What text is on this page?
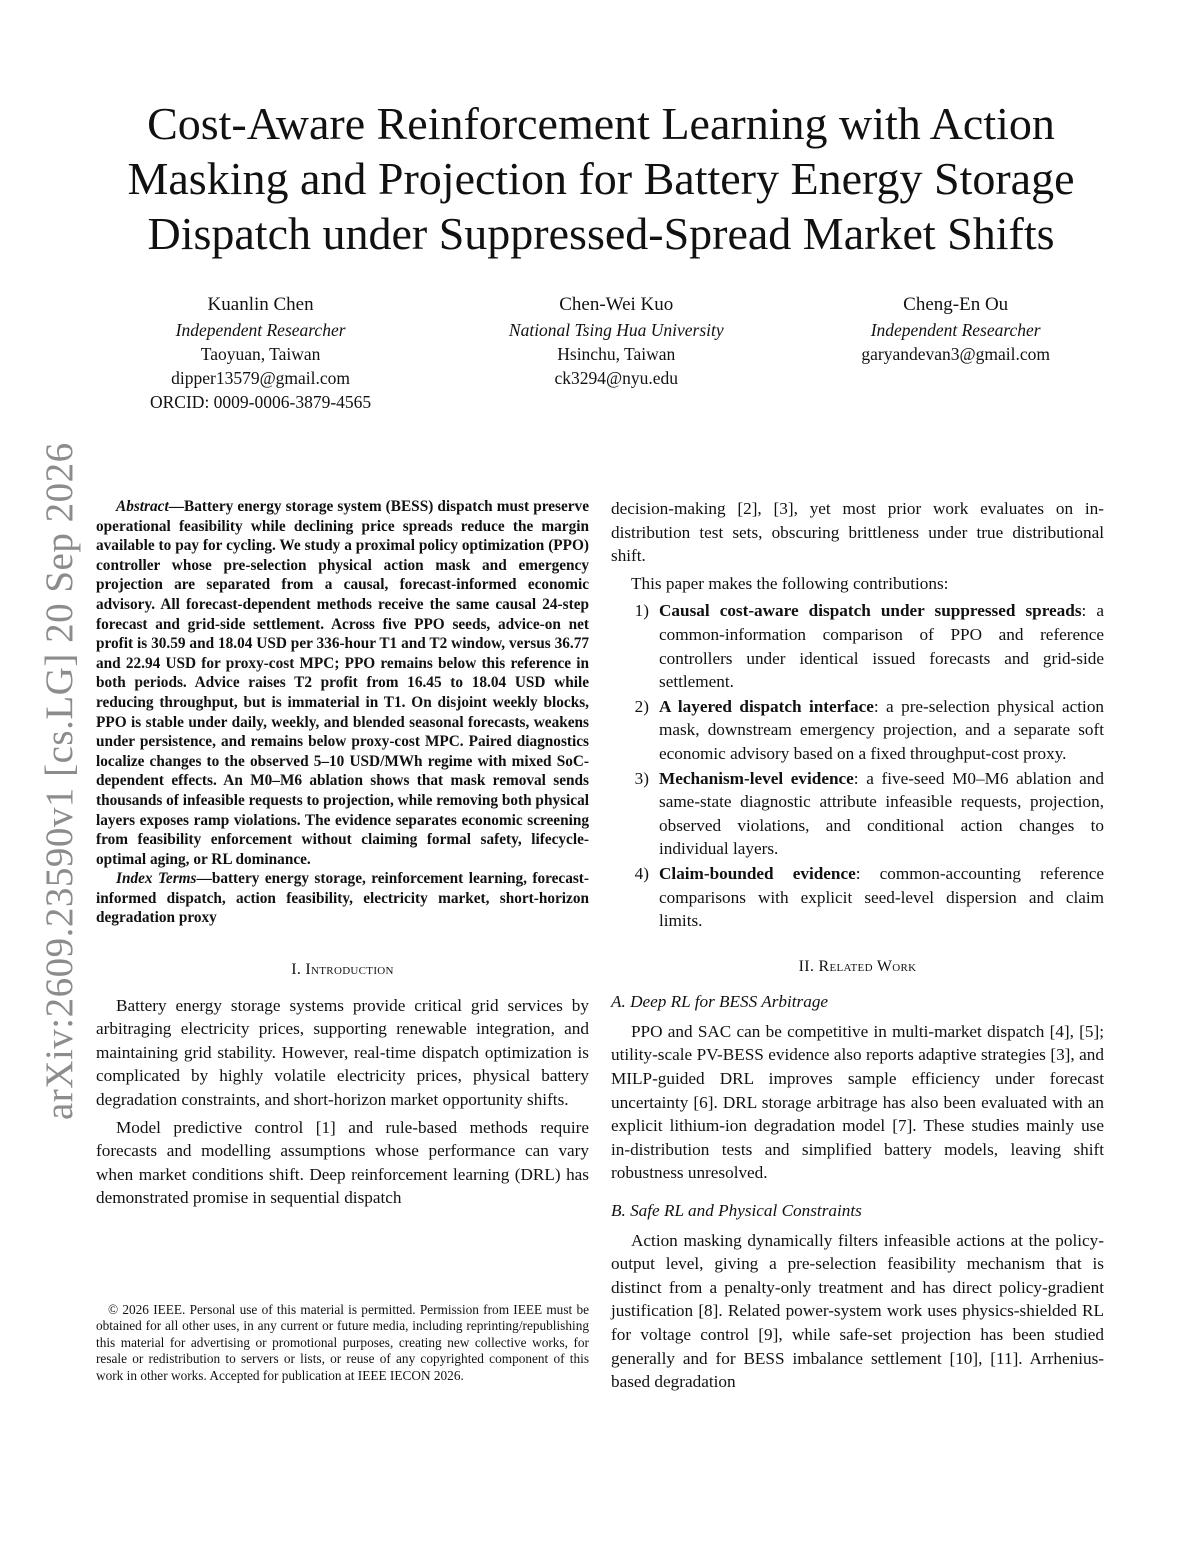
arXiv:2609.23590v1 [cs.LG] 20 Sep 2026
Cost-Aware Reinforcement Learning with Action Masking and Projection for Battery Energy Storage Dispatch under Suppressed-Spread Market Shifts
Kuanlin Chen
Independent Researcher
Taoyuan, Taiwan
dipper13579@gmail.com
ORCID: 0009-0006-3879-4565
Chen-Wei Kuo
National Tsing Hua University
Hsinchu, Taiwan
ck3294@nyu.edu
Cheng-En Ou
Independent Researcher
garyandevan3@gmail.com

Abstract—Battery energy storage system (BESS) dispatch must preserve operational feasibility while declining price spreads reduce the margin available to pay for cycling. We study a proximal policy optimization (PPO) controller whose pre-selection physical action mask and emergency projection are separated from a causal, forecast-informed economic advisory. All forecast-dependent methods receive the same causal 24-step forecast and grid-side settlement. Across five PPO seeds, advice-on net profit is 30.59 and 18.04 USD per 336-hour T1 and T2 window, versus 36.77 and 22.94 USD for proxy-cost MPC; PPO remains below this reference in both periods. Advice raises T2 profit from 16.45 to 18.04 USD while reducing throughput, but is immaterial in T1. On disjoint weekly blocks, PPO is stable under daily, weekly, and blended seasonal forecasts, weakens under persistence, and remains below proxy-cost MPC. Paired diagnostics localize changes to the observed 5–10 USD/MWh regime with mixed SoC-dependent effects. An M0–M6 ablation shows that mask removal sends thousands of infeasible requests to projection, while removing both physical layers exposes ramp violations. The evidence separates economic screening from feasibility enforcement without claiming formal safety, lifecycle-optimal aging, or RL dominance.

Index Terms—battery energy storage, reinforcement learning, forecast-informed dispatch, action feasibility, electricity market, short-horizon degradation proxy

I. Introduction

Battery energy storage systems provide critical grid services by arbitraging electricity prices, supporting renewable integration, and maintaining grid stability. However, real-time dispatch optimization is complicated by highly volatile electricity prices, physical battery degradation constraints, and short-horizon market opportunity shifts.

Model predictive control [1] and rule-based methods require forecasts and modelling assumptions whose performance can vary when market conditions shift. Deep reinforcement learning (DRL) has demonstrated promise in sequential dispatch

decision-making [2], [3], yet most prior work evaluates on in-distribution test sets, obscuring brittleness under true distributional shift.

This paper makes the following contributions:

1) Causal cost-aware dispatch under suppressed spreads: a common-information comparison of PPO and reference controllers under identical issued forecasts and grid-side settlement.
2) A layered dispatch interface: a pre-selection physical action mask, downstream emergency projection, and a separate soft economic advisory based on a fixed throughput-cost proxy.
3) Mechanism-level evidence: a five-seed M0–M6 ablation and same-state diagnostic attribute infeasible requests, projection, observed violations, and conditional action changes to individual layers.
4) Claim-bounded evidence: common-accounting reference comparisons with explicit seed-level dispersion and claim limits.
II. Related Work
A. Deep RL for BESS Arbitrage

PPO and SAC can be competitive in multi-market dispatch [4], [5]; utility-scale PV-BESS evidence also reports adaptive strategies [3], and MILP-guided DRL improves sample efficiency under forecast uncertainty [6]. DRL storage arbitrage has also been evaluated with an explicit lithium-ion degradation model [7]. These studies mainly use in-distribution tests and simplified battery models, leaving shift robustness unresolved.

B. Safe RL and Physical Constraints

Action masking dynamically filters infeasible actions at the policy-output level, giving a pre-selection feasibility mechanism that is distinct from a penalty-only treatment and has direct policy-gradient justification [8]. Related power-system work uses physics-shielded RL for voltage control [9], while safe-set projection has been studied generally and for BESS imbalance settlement [10], [11]. Arrhenius-based degradation

© 2026 IEEE. Personal use of this material is permitted. Permission from IEEE must be obtained for all other uses, in any current or future media, including reprinting/republishing this material for advertising or promotional purposes, creating new collective works, for resale or redistribution to servers or lists, or reuse of any copyrighted component of this work in other works. Accepted for publication at IEEE IECON 2026.
